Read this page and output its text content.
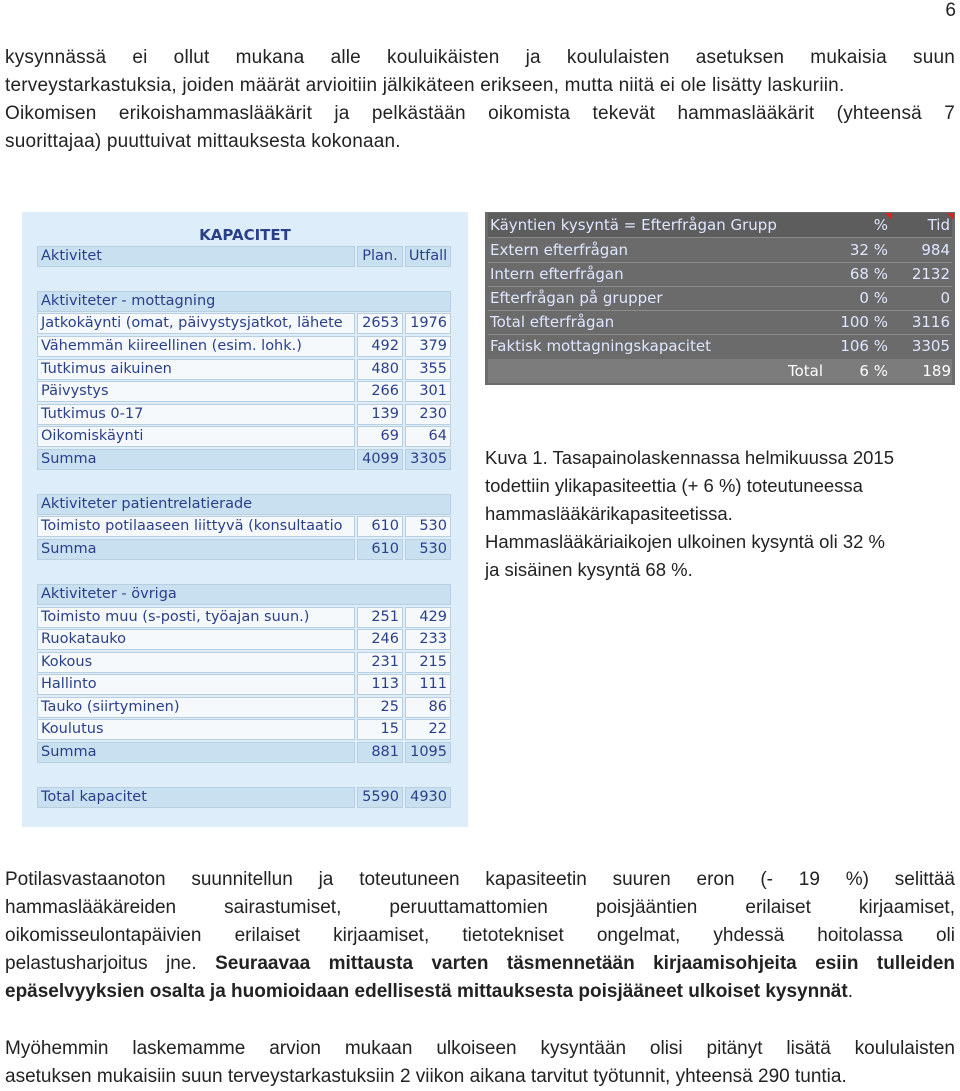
6
kysynnässä ei ollut mukana alle kouluikäisten ja koululaisten asetuksen mukaisia suun
terveystarkastuksia, joiden määrät arvioitiin jälkikäteen erikseen, mutta niitä ei ole lisätty laskuriin.
Oikomisen erikoishammaslääkärit ja pelkästään oikomista tekevät hammaslääkärit (yhteensä 7
suorittajaa) puuttuivat mittauksesta kokonaan.
KAPACITET
Aktivitet	Plan. Utfall
Aktiviteter - mottagning
Jatkokäynti (omat, päivystysjatkot, lähete	2653 1976
Vähemmän kiireellinen (esim. lohk.)	492	379
Tutkimus aikuinen	480	355
Päivystys	266	301
Tutkimus 0-17	139	230
Oikomiskäynti	69	64
Summa	4099 3305
Aktiviteter patientrelatierade
Toimisto potilaaseen liittyvä (konsultaatio	610	530
Summa	610	530
Aktiviteter - övriga
Toimisto muu (s-posti, työajan suun.)	251	429
Ruokatauko	246	233
Kokous	231	215
Hallinto	113	111
Tauko (siirtyminen)	25	86
Koulutus	15	22
Summa	881 1095
Total kapacitet	5590 4930
Käyntien kysyntä = Efterfrågan Grupp	%	Tid
Extern efterfrågan	32 %	984
Intern efterfrågan	68 %	2132
Efterfrågan på grupper	0 %	0
Total efterfrågan	100 %	3116
Faktisk mottagningskapacitet	106 %	3305
Total	6 %	189
Kuva 1. Tasapainolaskennassa helmikuussa 2015
todettiin ylikapasiteettia (+ 6 %) toteutuneessa
hammaslääkärikapasiteetissa.
Hammaslääkäriaikojen ulkoinen kysyntä oli 32 %
ja sisäinen kysyntä 68 %.
Potilasvastaanoton suunnitellun ja toteutuneen kapasiteetin suuren eron (- 19 %) selittää
hammaslääkäreiden sairastumiset, peruuttamattomien poisjääntien erilaiset kirjaamiset,
oikomisseulontapäivien erilaiset kirjaamiset, tietotekniset ongelmat, yhdessä hoitolassa oli
pelastusharjoitus jne. Seuraavaa mittausta varten täsmennetään kirjaamisohjeita esiin tulleiden
epäselvyyksien osalta ja huomioidaan edellisestä mittauksesta poisjääneet ulkoiset kysynnät.
Myöhemmin laskemamme arvion mukaan ulkoiseen kysyntään olisi pitänyt lisätä koululaisten
asetuksen mukaisiin suun terveystarkastuksiin 2 viikon aikana tarvitut työtunnit, yhteensä 290 tuntia.
